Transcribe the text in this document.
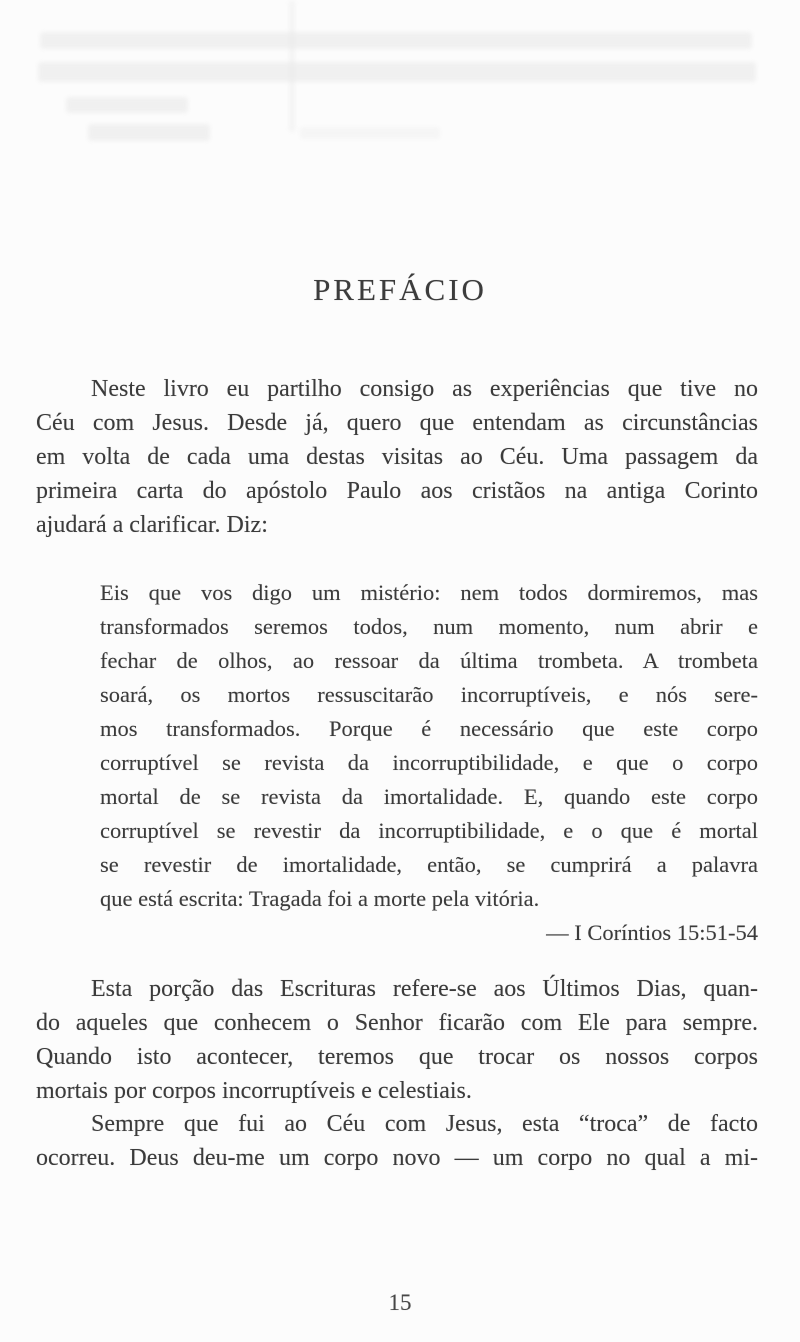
PREFÁCIO
Neste livro eu partilho consigo as experiências que tive no
Céu com Jesus. Desde já, quero que entendam as circunstâncias
em volta de cada uma destas visitas ao Céu. Uma passagem da
primeira carta do apóstolo Paulo aos cristãos na antiga Corinto
ajudará a clarificar. Diz:
Eis que vos digo um mistério: nem todos dormiremos, mas
transformados seremos todos, num momento, num abrir e
fechar de olhos, ao ressoar da última trombeta. A trombeta
soará, os mortos ressuscitarão incorruptíveis, e nós sere-
mos transformados. Porque é necessário que este corpo
corruptível se revista da incorruptibilidade, e que o corpo
mortal de se revista da imortalidade. E, quando este corpo
corruptível se revestir da incorruptibilidade, e o que é mortal
se revestir de imortalidade, então, se cumprirá a palavra
que está escrita: Tragada foi a morte pela vitória.
— I Coríntios 15:51-54
Esta porção das Escrituras refere-se aos Últimos Dias, quan-
do aqueles que conhecem o Senhor ficarão com Ele para sempre.
Quando isto acontecer, teremos que trocar os nossos corpos
mortais por corpos incorruptíveis e celestiais.
Sempre que fui ao Céu com Jesus, esta “troca” de facto
ocorreu. Deus deu-me um corpo novo — um corpo no qual a mi-
15
